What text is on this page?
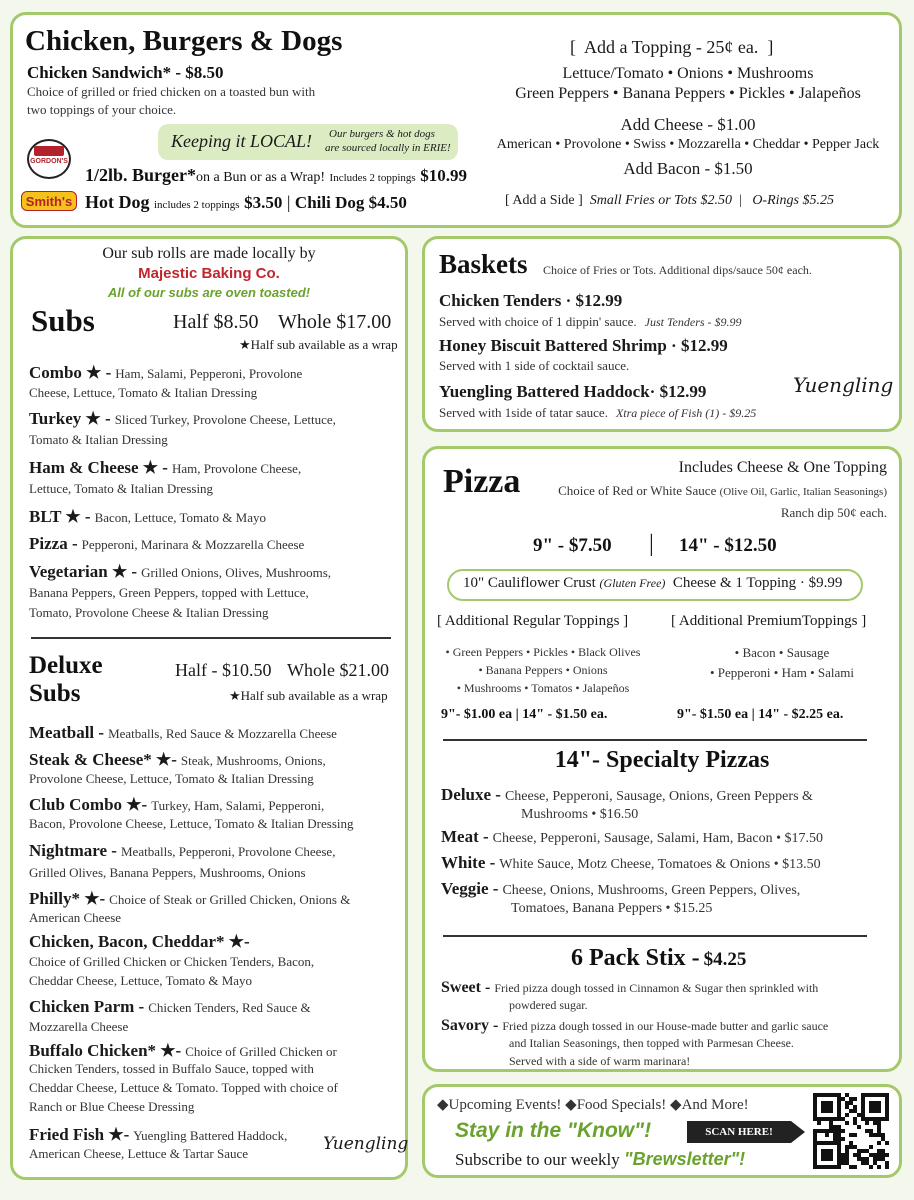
Chicken, Burgers & Dogs
Chicken Sandwich* - $8.50
Choice of grilled or fried chicken on a toasted bun with
two toppings of your choice.
Keeping it LOCAL! Our burgers & hot dogs
are sourced locally in ERIE!
GORDON'S
1/2lb. Burger*on a Bun or as a Wrap! Includes 2 toppings $10.99
Smith's Hot Dog includes 2 toppings $3.50 | Chili Dog $4.50
[ Add a Topping - 25¢ ea. ]
Lettuce/Tomato • Onions • Mushrooms
Green Peppers • Banana Peppers • Pickles • Jalapeños
Add Cheese - $1.00
American • Provolone • Swiss • Mozzarella • Cheddar • Pepper Jack
Add Bacon - $1.50
[ Add a Side ] Small Fries or Tots $2.50 | O-Rings $5.25
Our sub rolls are made locally by
Majestic Baking Co.
All of our subs are oven toasted!
Subs	Half $8.50 Whole $17.00
★Half sub available as a wrap
Combo ★ - Ham, Salami, Pepperoni, Provolone
Cheese, Lettuce, Tomato & Italian Dressing
Turkey ★ - Sliced Turkey, Provolone Cheese, Lettuce,
Tomato & Italian Dressing
Ham & Cheese ★ - Ham, Provolone Cheese,
Lettuce, Tomato & Italian Dressing
BLT ★ - Bacon, Lettuce, Tomato & Mayo
Pizza - Pepperoni, Marinara & Mozzarella Cheese
Vegetarian ★ - Grilled Onions, Olives, Mushrooms,
Banana Peppers, Green Peppers, topped with Lettuce,
Tomato, Provolone Cheese & Italian Dressing
Deluxe
Subs
Half - $10.50 Whole $21.00
★Half sub available as a wrap
Meatball - Meatballs, Red Sauce & Mozzarella Cheese
Steak & Cheese* ★- Steak, Mushrooms, Onions,
Provolone Cheese, Lettuce, Tomato & Italian Dressing
Club Combo ★- Turkey, Ham, Salami, Pepperoni,
Bacon, Provolone Cheese, Lettuce, Tomato & Italian Dressing
Nightmare - Meatballs, Pepperoni, Provolone Cheese,
Grilled Olives, Banana Peppers, Mushrooms, Onions
Philly* ★- Choice of Steak or Grilled Chicken, Onions &
American Cheese
Chicken, Bacon, Cheddar* ★-
Choice of Grilled Chicken or Chicken Tenders, Bacon,
Cheddar Cheese, Lettuce, Tomato & Mayo
Chicken Parm - Chicken Tenders, Red Sauce &
Mozzarella Cheese
Buffalo Chicken* ★- Choice of Grilled Chicken or
Chicken Tenders, tossed in Buffalo Sauce, topped with
Cheddar Cheese, Lettuce & Tomato. Topped with choice of
Ranch or Blue Cheese Dressing
Fried Fish ★- Yuengling Battered Haddock,
American Cheese, Lettuce & Tartar Sauce	Yuengling
Baskets Choice of Fries or Tots. Additional dips/sauce 50¢ each.
Chicken Tenders · $12.99
Served with choice of 1 dippin' sauce. Just Tenders - $9.99
Honey Biscuit Battered Shrimp · $12.99
Served with 1 side of cocktail sauce.
Yuengling Battered Haddock· $12.99
Served with 1side of tatar sauce. Xtra piece of Fish (1) - $9.25
Yuengling
Pizza	Includes Cheese & One Topping
Choice of Red or White Sauce (Olive Oil, Garlic, Italian Seasonings)
Ranch dip 50¢ each.
9" - $7.50 | 14" - $12.50
10" Cauliflower Crust (Gluten Free) Cheese & 1 Topping · $9.99
[ Additional Regular Toppings ]
• Green Peppers • Pickles • Black Olives
• Banana Peppers • Onions
• Mushrooms • Tomatos • Jalapeños
9"- $1.00 ea | 14" - $1.50 ea.
[ Additional PremiumToppings ]
• Bacon • Sausage
• Pepperoni • Ham • Salami
9"- $1.50 ea | 14" - $2.25 ea.
14"- Specialty Pizzas
Deluxe - Cheese, Pepperoni, Sausage, Onions, Green Peppers &
Mushrooms • $16.50
Meat - Cheese, Pepperoni, Sausage, Salami, Ham, Bacon • $17.50
White - White Sauce, Motz Cheese, Tomatoes & Onions • $13.50
Veggie - Cheese, Onions, Mushrooms, Green Peppers, Olives,
Tomatoes, Banana Peppers • $15.25
6 Pack Stix - $4.25
Sweet - Fried pizza dough tossed in Cinnamon & Sugar then sprinkled with
powdered sugar.
Savory - Fried pizza dough tossed in our House-made butter and garlic sauce
and Italian Seasonings, then topped with Parmesan Cheese.
Served with a side of warm marinara!
◆Upcoming Events! ◆Food Specials! ◆And More!
Stay in the "Know"!	SCAN HERE!
Subscribe to our weekly "Brewsletter"!
